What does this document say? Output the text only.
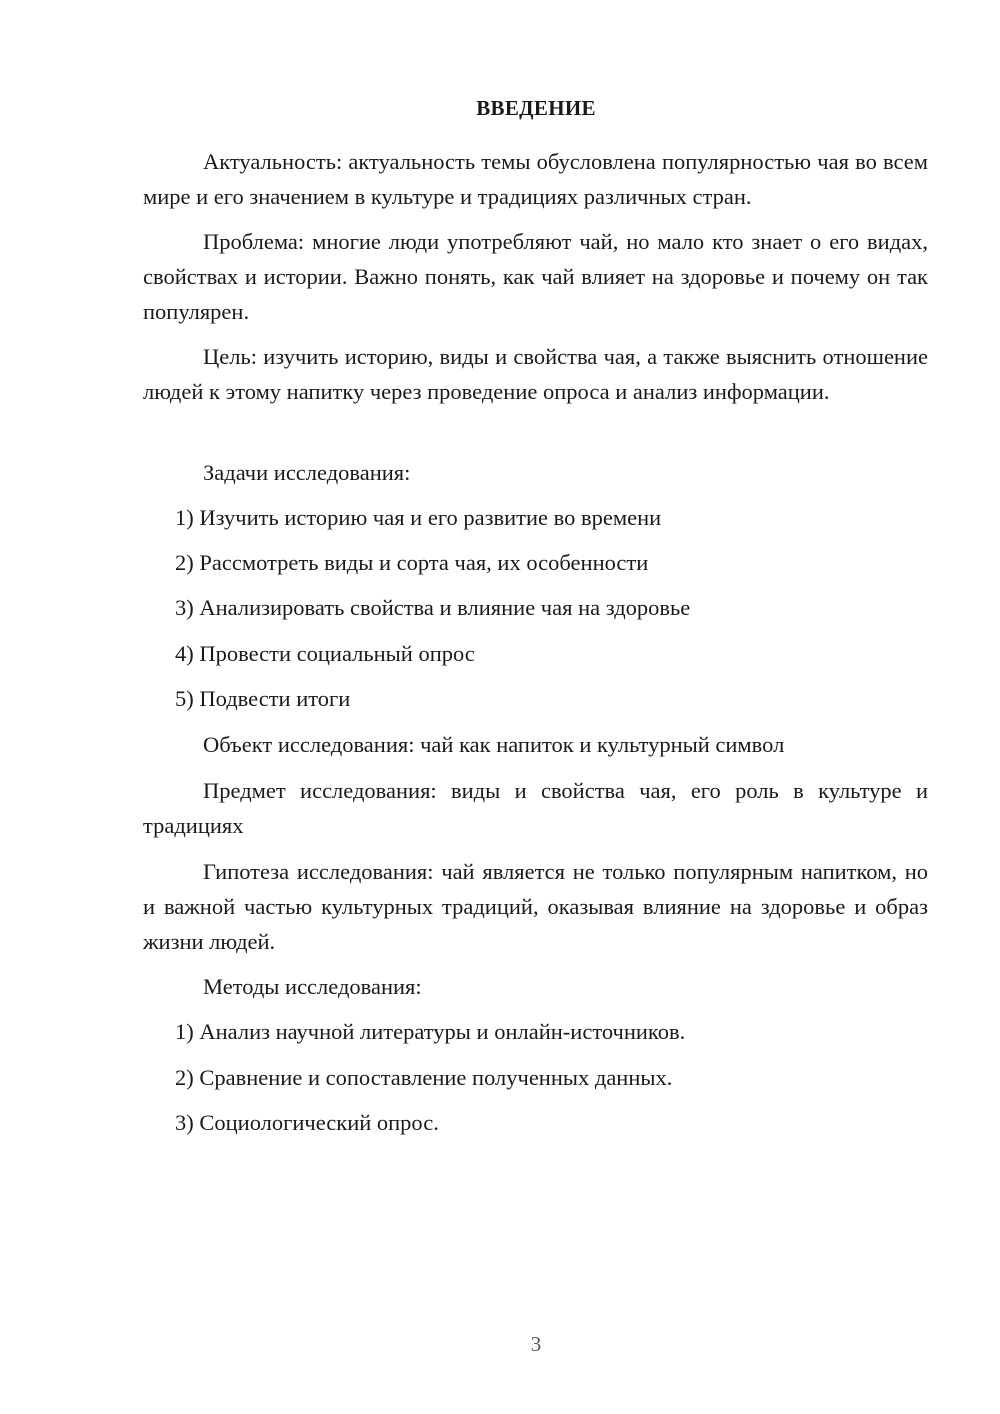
ВВЕДЕНИЕ
Актуальность: актуальность темы обусловлена популярностью чая во всем мире и его значением в культуре и традициях различных стран.
Проблема: многие люди употребляют чай, но мало кто знает о его видах, свойствах и истории. Важно понять, как чай влияет на здоровье и почему он так популярен.
Цель: изучить историю, виды и свойства чая, а также выяснить отношение людей к этому напитку через проведение опроса и анализ информации.
Задачи исследования:
1) Изучить историю чая и его развитие во времени
2) Рассмотреть виды и сорта чая, их особенности
3) Анализировать свойства и влияние чая на здоровье
4) Провести социальный опрос
5) Подвести итоги
Объект исследования: чай как напиток и культурный символ
Предмет исследования: виды и свойства чая, его роль в культуре и традициях
Гипотеза исследования: чай является не только популярным напитком, но и важной частью культурных традиций, оказывая влияние на здоровье и образ жизни людей.
Методы исследования:
1) Анализ научной литературы и онлайн-источников.
2) Сравнение и сопоставление полученных данных.
3) Социологический опрос.
3
